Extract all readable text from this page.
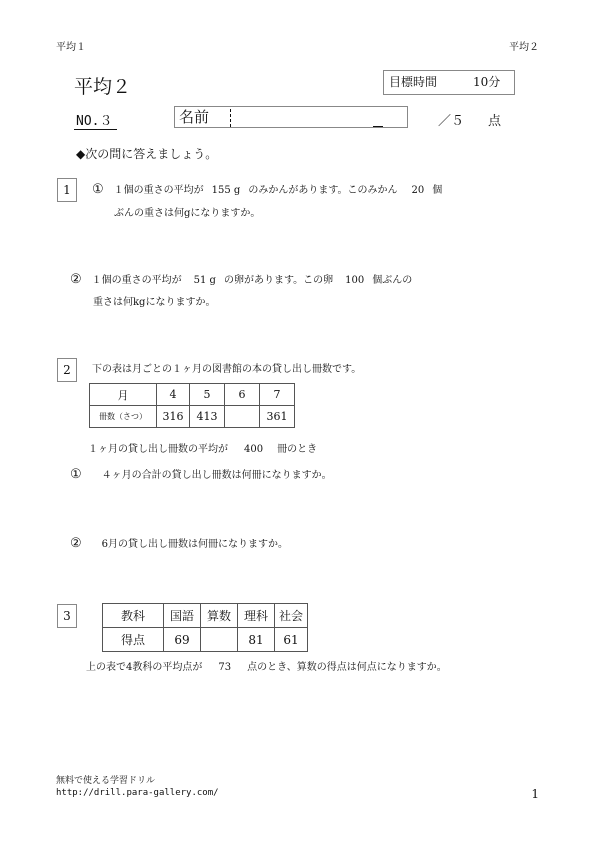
平均１	平均２
平均２	目標時間	10分
NO.３	名前	／５ 点
◆次の問に答えましょう。
1	① １個の重さの平均が 155 g のみかんがあります。このみかん 20 個
ぶんの重さは何gになりますか。
② １個の重さの平均が 51 g の卵があります。この卵 100 個ぶんの
重さは何kgになりますか。
2	下の表は月ごとの１ヶ月の図書館の本の貸し出し冊数です。
月	4	5	6	7
冊数（さつ）	316	413		361
１ヶ月の貸し出し冊数の平均が 400 冊のとき
① ４ヶ月の合計の貸し出し冊数は何冊になりますか。
② 6月の貸し出し冊数は何冊になりますか。
3	教科	国語	算数	理科	社会
得点	69		81	61
上の表で4教科の平均点が 73 点のとき、算数の得点は何点になりますか。
無料で使える学習ドリル
http://drill.para-gallery.com/	1
